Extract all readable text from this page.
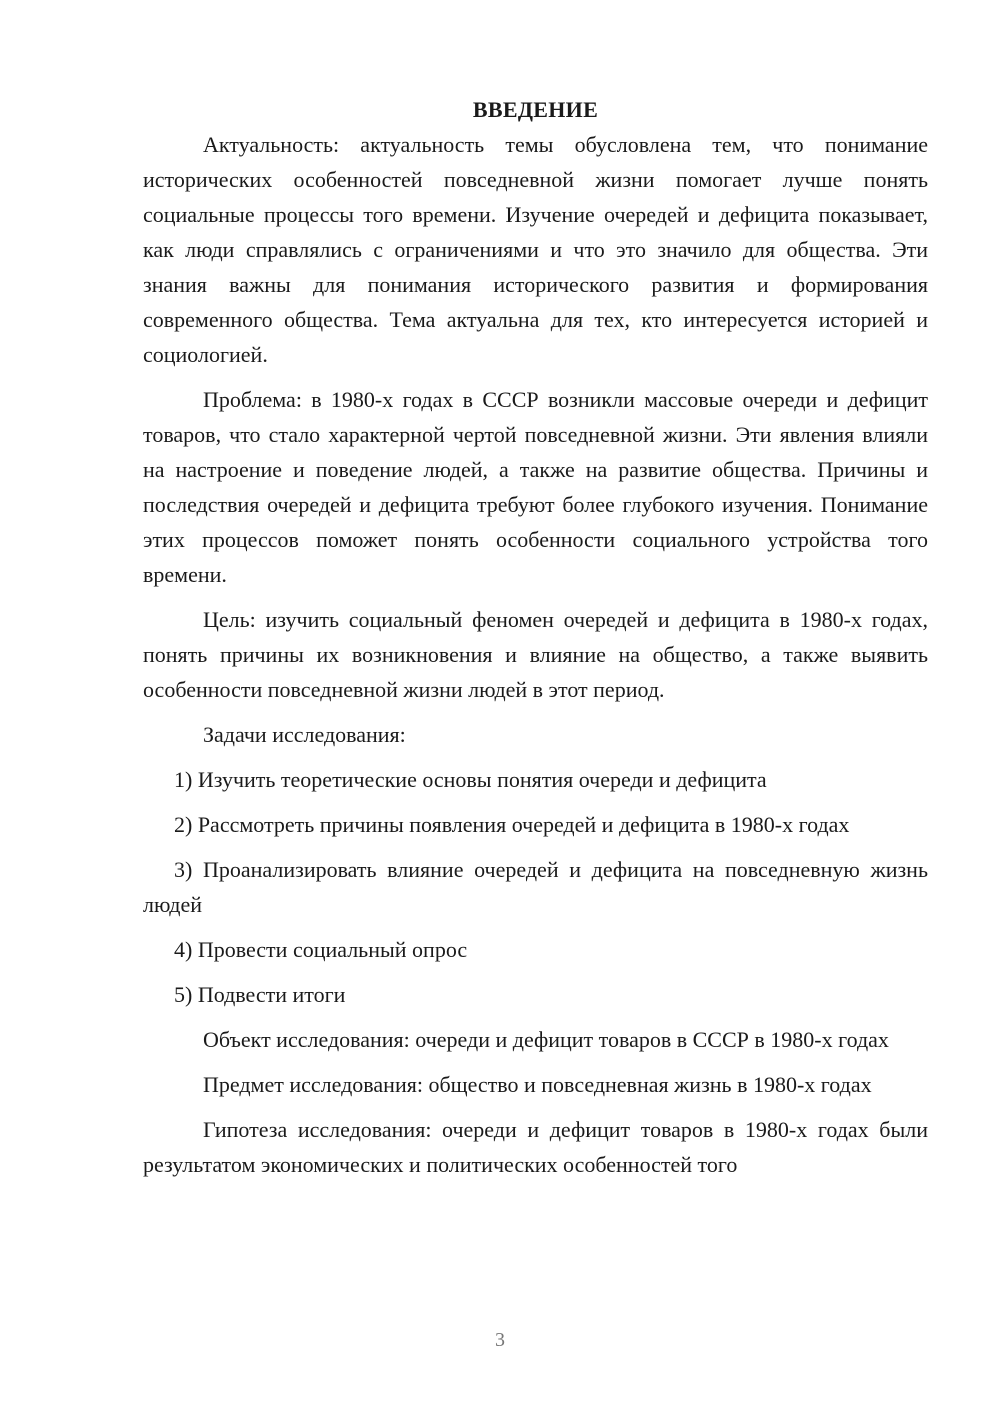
ВВЕДЕНИЕ

Актуальность: актуальность темы обусловлена тем, что понимание исторических особенностей повседневной жизни помогает лучше понять социальные процессы того времени. Изучение очередей и дефицита показывает, как люди справлялись с ограничениями и что это значило для общества. Эти знания важны для понимания исторического развития и формирования современного общества. Тема актуальна для тех, кто интересуется историей и социологией.

Проблема: в 1980-х годах в СССР возникли массовые очереди и дефицит товаров, что стало характерной чертой повседневной жизни. Эти явления влияли на настроение и поведение людей, а также на развитие общества. Причины и последствия очередей и дефицита требуют более глубокого изучения. Понимание этих процессов поможет понять особенности социального устройства того времени.

Цель: изучить социальный феномен очередей и дефицита в 1980-х годах, понять причины их возникновения и влияние на общество, а также выявить особенности повседневной жизни людей в этот период.

Задачи исследования:

1) Изучить теоретические основы понятия очереди и дефицита

2) Рассмотреть причины появления очередей и дефицита в 1980-х годах

3) Проанализировать влияние очередей и дефицита на повседневную жизнь людей

4) Провести социальный опрос

5) Подвести итоги

Объект исследования: очереди и дефицит товаров в СССР в 1980-х годах

Предмет исследования: общество и повседневная жизнь в 1980-х годах

Гипотеза исследования: очереди и дефицит товаров в 1980-х годах были результатом экономических и политических особенностей того

3
